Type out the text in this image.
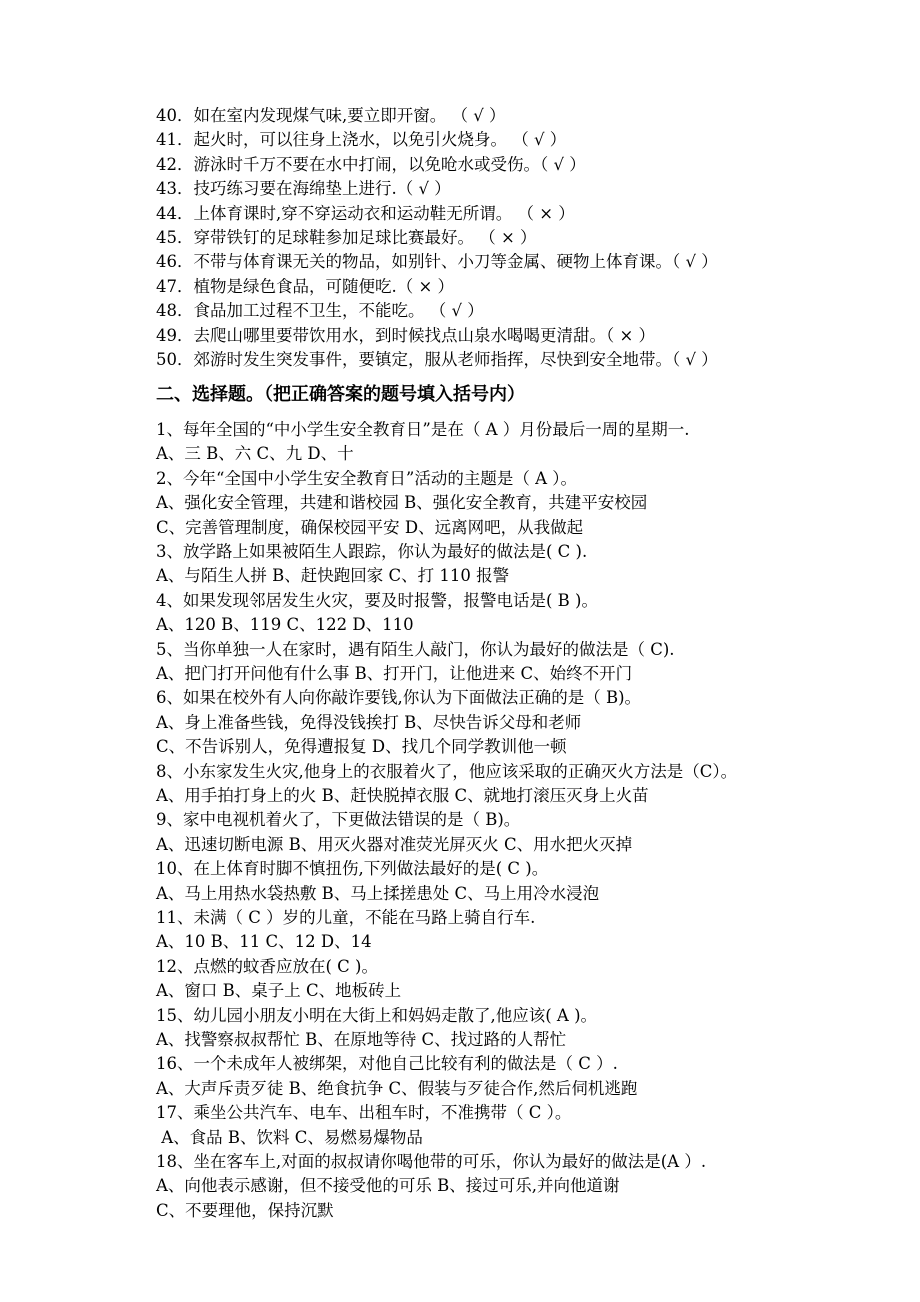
40．如在室内发现煤气味,要立即开窗。 （ √ ）

41．起火时，可以往身上浇水，以免引火烧身。 （ √ ）

42．游泳时千万不要在水中打闹，以免呛水或受伤。（ √ ）

43．技巧练习要在海绵垫上进行.（ √ ）

44．上体育课时,穿不穿运动衣和运动鞋无所谓。 （ × ）

45．穿带铁钉的足球鞋参加足球比赛最好。 （ × ）

46．不带与体育课无关的物品，如别针、小刀等金属、硬物上体育课。（ √ ）

47．植物是绿色食品，可随便吃.（ × ）

48．食品加工过程不卫生，不能吃。 （ √ ）

49．去爬山哪里要带饮用水，到时候找点山泉水喝喝更清甜。（ × ）

50．郊游时发生突发事件，要镇定，服从老师指挥，尽快到安全地带。（ √ ）

二、选择题。（把正确答案的题号填入括号内）

1、每年全国的“中小学生安全教育日”是在（ A ）月份最后一周的星期一.

A、三 B、六 C、九 D、十

2、今年“全国中小学生安全教育日”活动的主题是（ A ）。

A、强化安全管理，共建和谐校园 B、强化安全教育，共建平安校园

C、完善管理制度，确保校园平安 D、远离网吧，从我做起

3、放学路上如果被陌生人跟踪，你认为最好的做法是( C ).

A、与陌生人拼 B、赶快跑回家 C、打 110 报警

4、如果发现邻居发生火灾，要及时报警，报警电话是( B )。

A、120 B、119 C、122 D、110

5、当你单独一人在家时，遇有陌生人敲门，你认为最好的做法是（ C).

A、把门打开问他有什么事 B、打开门，让他进来 C、始终不开门

6、如果在校外有人向你敲诈要钱,你认为下面做法正确的是（ B)。

A、身上准备些钱，免得没钱挨打 B、尽快告诉父母和老师

C、不告诉别人，免得遭报复 D、找几个同学教训他一顿

8、小东家发生火灾,他身上的衣服着火了，他应该采取的正确灭火方法是（C）。

A、用手拍打身上的火 B、赶快脱掉衣服 C、就地打滚压灭身上火苗

9、家中电视机着火了，下更做法错误的是（ B)。

A、迅速切断电源 B、用灭火器对准荧光屏灭火 C、用水把火灭掉

10、在上体育时脚不慎扭伤,下列做法最好的是( C )。

A、马上用热水袋热敷 B、马上揉搓患处 C、马上用冷水浸泡

11、未满（ C ）岁的儿童，不能在马路上骑自行车.

A、10 B、11 C、12 D、14

12、点燃的蚊香应放在( C )。

A、窗口 B、桌子上 C、地板砖上

15、幼儿园小朋友小明在大街上和妈妈走散了,他应该( A )。

A、找警察叔叔帮忙 B、在原地等待 C、找过路的人帮忙

16、一个未成年人被绑架，对他自己比较有利的做法是（ C ）.

A、大声斥责歹徒 B、绝食抗争 C、假装与歹徒合作,然后伺机逃跑

17、乘坐公共汽车、电车、出租车时，不准携带（ C ）。

A、食品 B、饮料 C、易燃易爆物品

18、坐在客车上,对面的叔叔请你喝他带的可乐，你认为最好的做法是(A ）.

A、向他表示感谢，但不接受他的可乐 B、接过可乐,并向他道谢

C、不要理他，保持沉默
